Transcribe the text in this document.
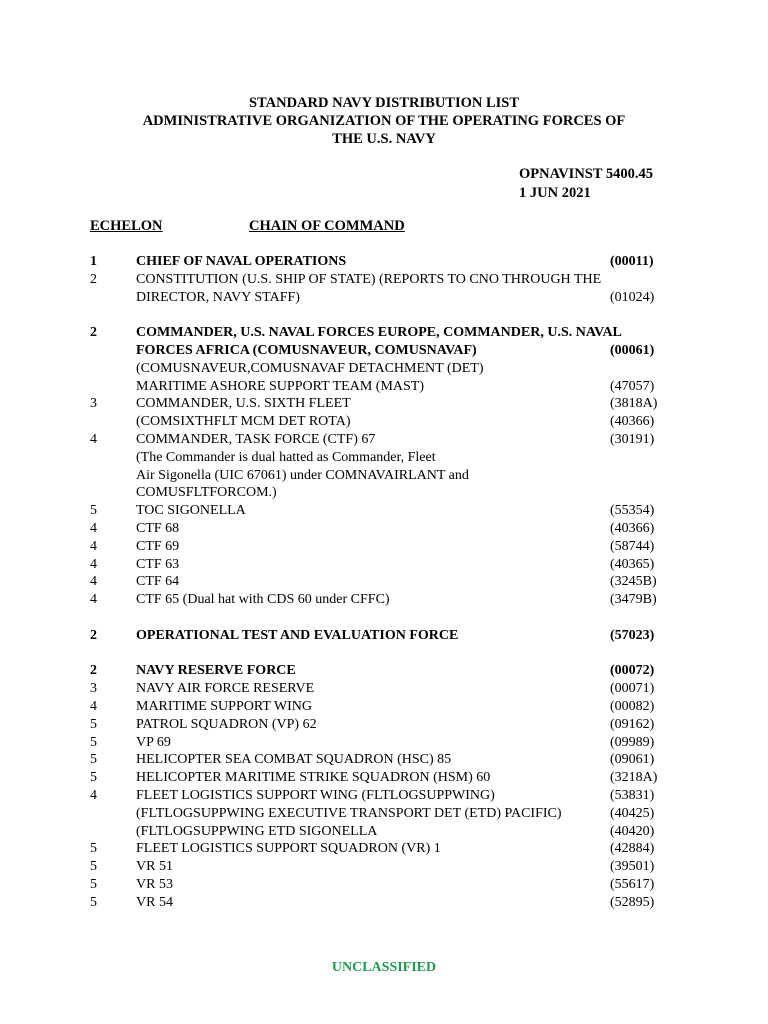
STANDARD NAVY DISTRIBUTION LIST
ADMINISTRATIVE ORGANIZATION OF THE OPERATING FORCES OF
THE U.S. NAVY
OPNAVINST 5400.45
1 JUN 2021
ECHELON	CHAIN OF COMMAND
1	CHIEF OF NAVAL OPERATIONS	(00011)
2	CONSTITUTION (U.S. SHIP OF STATE) (REPORTS TO CNO THROUGH THE
DIRECTOR, NAVY STAFF)	(01024)
2	COMMANDER, U.S. NAVAL FORCES EUROPE, COMMANDER, U.S. NAVAL
FORCES AFRICA (COMUSNAVEUR, COMUSNAVAF)	(00061)
(COMUSNAVEUR,COMUSNAVAF DETACHMENT (DET)
MARITIME ASHORE SUPPORT TEAM (MAST)	(47057)
3	COMMANDER, U.S. SIXTH FLEET	(3818A)
(COMSIXTHFLT MCM DET ROTA)	(40366)
4	COMMANDER, TASK FORCE (CTF) 67	(30191)
(The Commander is dual hatted as Commander, Fleet
Air Sigonella (UIC 67061) under COMNAVAIRLANT and
COMUSFLTFORCOM.)
5	TOC SIGONELLA	(55354)
4	CTF 68	(40366)
4	CTF 69	(58744)
4	CTF 63	(40365)
4	CTF 64	(3245B)
4	CTF 65 (Dual hat with CDS 60 under CFFC)	(3479B)
2	OPERATIONAL TEST AND EVALUATION FORCE	(57023)
2	NAVY RESERVE FORCE	(00072)
3	NAVY AIR FORCE RESERVE	(00071)
4	MARITIME SUPPORT WING	(00082)
5	PATROL SQUADRON (VP) 62	(09162)
5	VP 69	(09989)
5	HELICOPTER SEA COMBAT SQUADRON (HSC) 85	(09061)
5	HELICOPTER MARITIME STRIKE SQUADRON (HSM) 60	(3218A)
4	FLEET LOGISTICS SUPPORT WING (FLTLOGSUPPWING)	(53831)
(FLTLOGSUPPWING EXECUTIVE TRANSPORT DET (ETD) PACIFIC)	(40425)
(FLTLOGSUPPWING ETD SIGONELLA	(40420)
5	FLEET LOGISTICS SUPPORT SQUADRON (VR) 1	(42884)
5	VR 51	(39501)
5	VR 53	(55617)
5	VR 54	(52895)
UNCLASSIFIED
